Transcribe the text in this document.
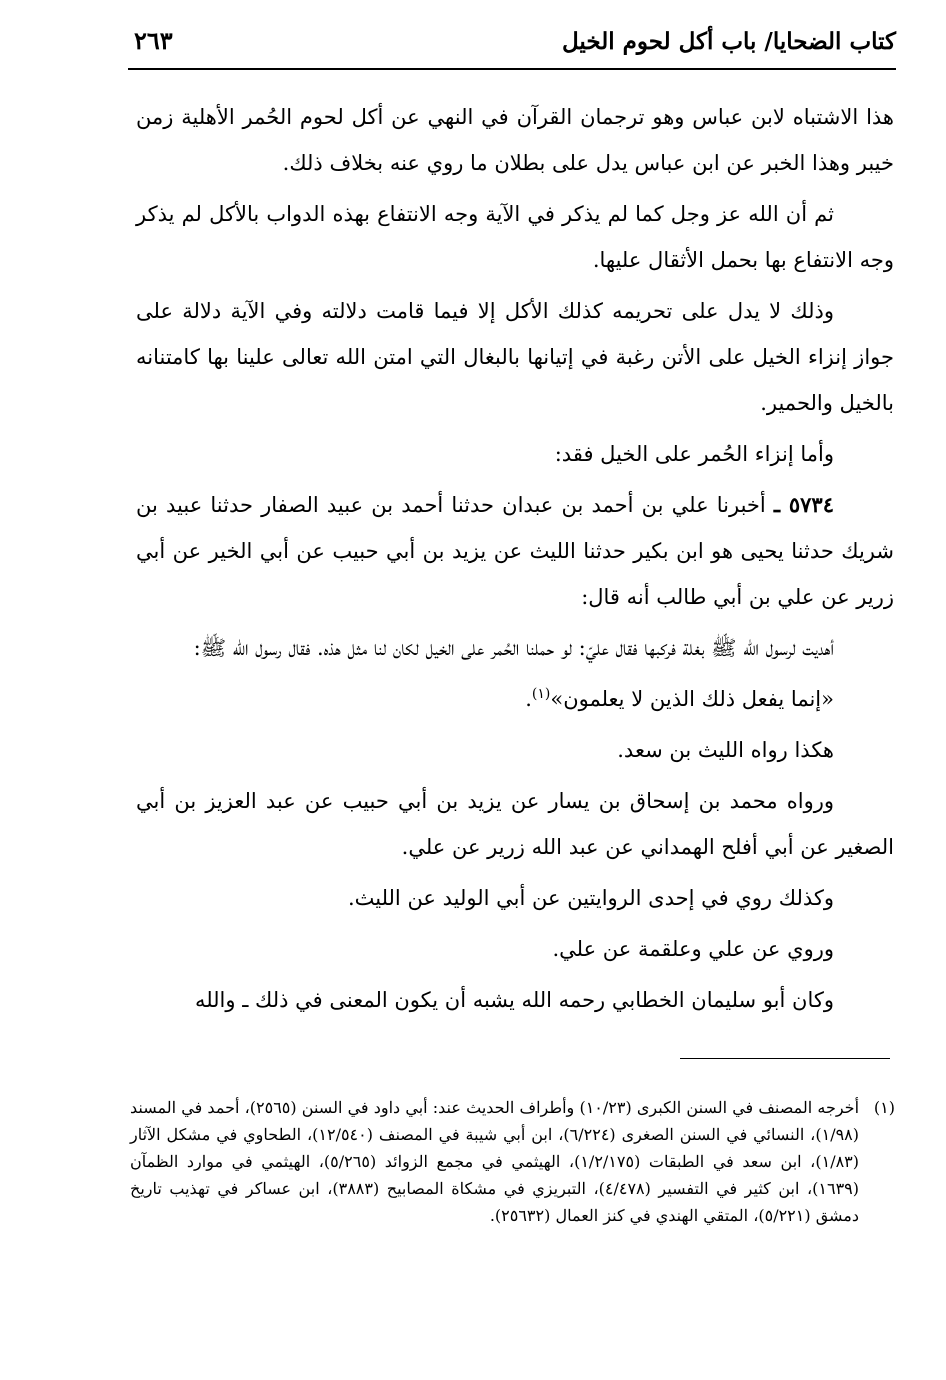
كتاب الضحايا/ باب أكل لحوم الخيل
٢٦٣

هذا الاشتباه لابن عباس وهو ترجمان القرآن في النهي عن أكل لحوم الحُمر الأهلية زمن خيبر وهذا الخبر عن ابن عباس يدل على بطلان ما روي عنه بخلاف ذلك.

ثم أن الله عز وجل كما لم يذكر في الآية وجه الانتفاع بهذه الدواب بالأكل لم يذكر وجه الانتفاع بها بحمل الأثقال عليها.

وذلك لا يدل على تحريمه كذلك الأكل إلا فيما قامت دلالته وفي الآية دلالة على جواز إنزاء الخيل على الأتن رغبة في إتيانها بالبغال التي امتن الله تعالى علينا بها كامتنانه بالخيل والحمير.

وأما إنزاء الحُمر على الخيل فقد:

٥٧٣٤ ـ أخبرنا علي بن أحمد بن عبدان حدثنا أحمد بن عبيد الصفار حدثنا عبيد بن شريك حدثنا يحيى هو ابن بكير حدثنا الليث عن يزيد بن أبي حبيب عن أبي الخير عن أبي زرير عن علي بن أبي طالب أنه قال:

أهديت لرسول الله ﷺ بغلة فركبها فقال عليّ: لو حملنا الحُمر على الخيل لكان لنا مثل هذه. فقال رسول الله ﷺ:

«إنما يفعل ذلك الذين لا يعلمون»$^{(١)}$.

هكذا رواه الليث بن سعد.

ورواه محمد بن إسحاق بن يسار عن يزيد بن أبي حبيب عن عبد العزيز بن أبي الصغير عن أبي أفلح الهمداني عن عبد الله زرير عن علي.

وكذلك روي في إحدى الروايتين عن أبي الوليد عن الليث.

وروي عن علي وعلقمة عن علي.

وكان أبو سليمان الخطابي رحمه الله يشبه أن يكون المعنى في ذلك ـ والله

(١)
أخرجه المصنف في السنن الكبرى (١٠/٢٣) وأطراف الحديث عند: أبي داود في السنن (٢٥٦٥)، أحمد في المسند (١/٩٨)، النسائي في السنن الصغرى (٦/٢٢٤)، ابن أبي شيبة في المصنف (١٢/٥٤٠)، الطحاوي في مشكل الآثار (١/٨٣)، ابن سعد في الطبقات (١/٢/١٧٥)، الهيثمي في مجمع الزوائد (٥/٢٦٥)، الهيثمي في موارد الظمآن (١٦٣٩)، ابن كثير في التفسير (٤/٤٧٨)، التبريزي في مشكاة المصابيح (٣٨٨٣)، ابن عساكر في تهذيب تاريخ دمشق (٥/٢٢١)، المتقي الهندي في كنز العمال (٢٥٦٣٢).
